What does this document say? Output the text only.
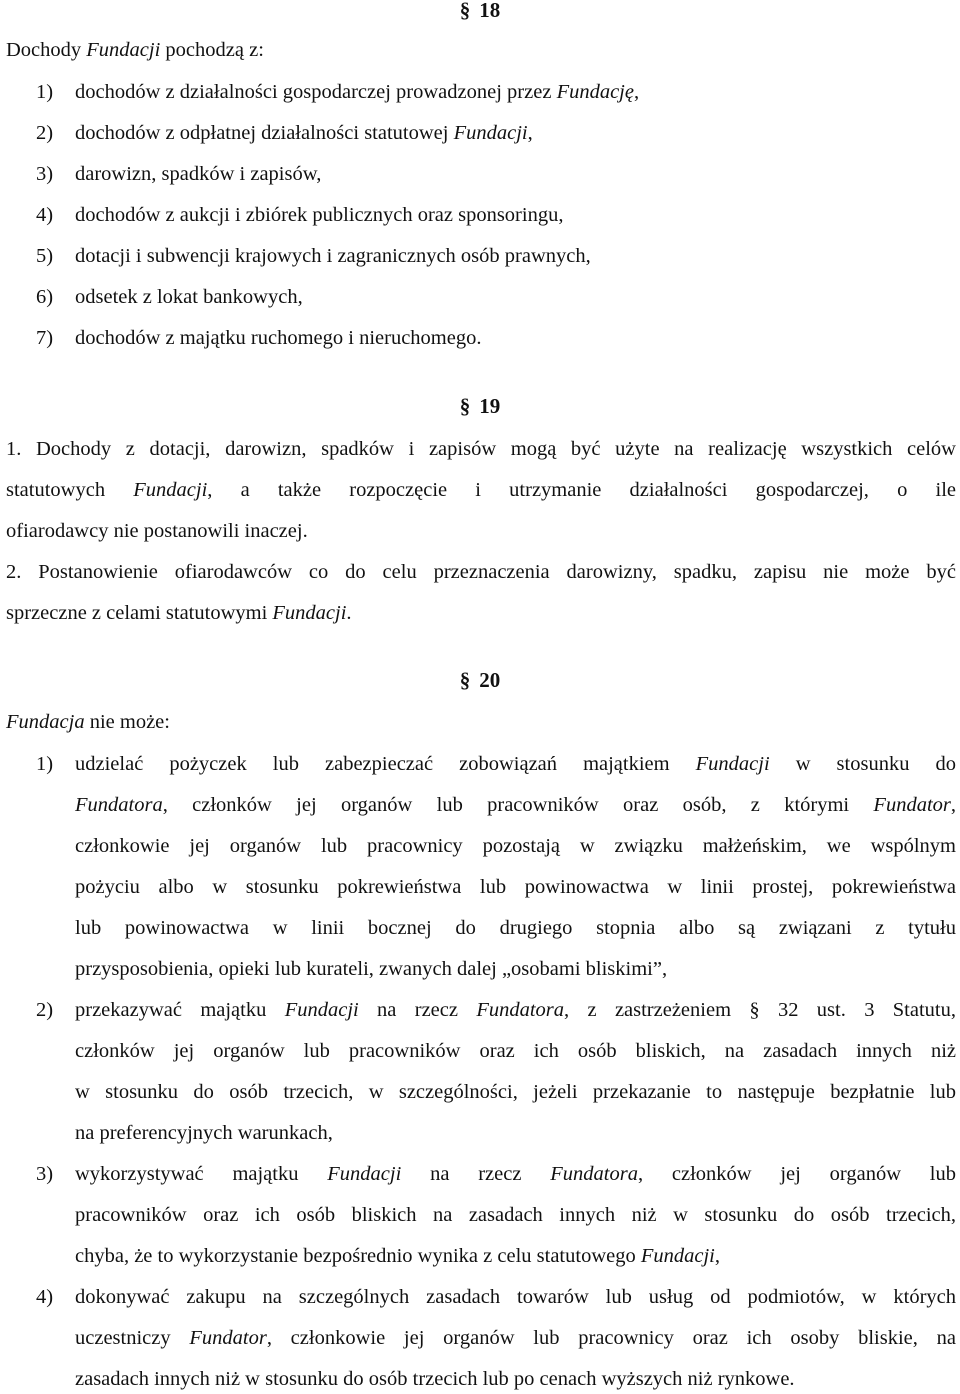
§ 18
Dochody Fundacji pochodzą z:
1) dochodów z działalności gospodarczej prowadzonej przez Fundację,
2) dochodów z odpłatnej działalności statutowej Fundacji,
3) darowizn, spadków i zapisów,
4) dochodów z aukcji i zbiórek publicznych oraz sponsoringu,
5) dotacji i subwencji krajowych i zagranicznych osób prawnych,
6) odsetek z lokat bankowych,
7) dochodów z majątku ruchomego i nieruchomego.
§ 19
1. Dochody z dotacji, darowizn, spadków i zapisów mogą być użyte na realizację wszystkich celów
statutowych Fundacji, a także rozpoczęcie i utrzymanie działalności gospodarczej, o ile
ofiarodawcy nie postanowili inaczej.
2. Postanowienie ofiarodawców co do celu przeznaczenia darowizny, spadku, zapisu nie może być
sprzeczne z celami statutowymi Fundacji.
§ 20
Fundacja nie może:
1) udzielać pożyczek lub zabezpieczać zobowiązań majątkiem Fundacji w stosunku do
Fundatora, członków jej organów lub pracowników oraz osób, z którymi Fundator,
członkowie jej organów lub pracownicy pozostają w związku małżeńskim, we wspólnym
pożyciu albo w stosunku pokrewieństwa lub powinowactwa w linii prostej, pokrewieństwa
lub powinowactwa w linii bocznej do drugiego stopnia albo są związani z tytułu
przysposobienia, opieki lub kurateli, zwanych dalej „osobami bliskimi”,
2) przekazywać majątku Fundacji na rzecz Fundatora, z zastrzeżeniem § 32 ust. 3 Statutu,
członków jej organów lub pracowników oraz ich osób bliskich, na zasadach innych niż
w stosunku do osób trzecich, w szczególności, jeżeli przekazanie to następuje bezpłatnie lub
na preferencyjnych warunkach,
3) wykorzystywać majątku Fundacji na rzecz Fundatora, członków jej organów lub
pracowników oraz ich osób bliskich na zasadach innych niż w stosunku do osób trzecich,
chyba, że to wykorzystanie bezpośrednio wynika z celu statutowego Fundacji,
4) dokonywać zakupu na szczególnych zasadach towarów lub usług od podmiotów, w których
uczestniczy Fundator, członkowie jej organów lub pracownicy oraz ich osoby bliskie, na
zasadach innych niż w stosunku do osób trzecich lub po cenach wyższych niż rynkowe.
